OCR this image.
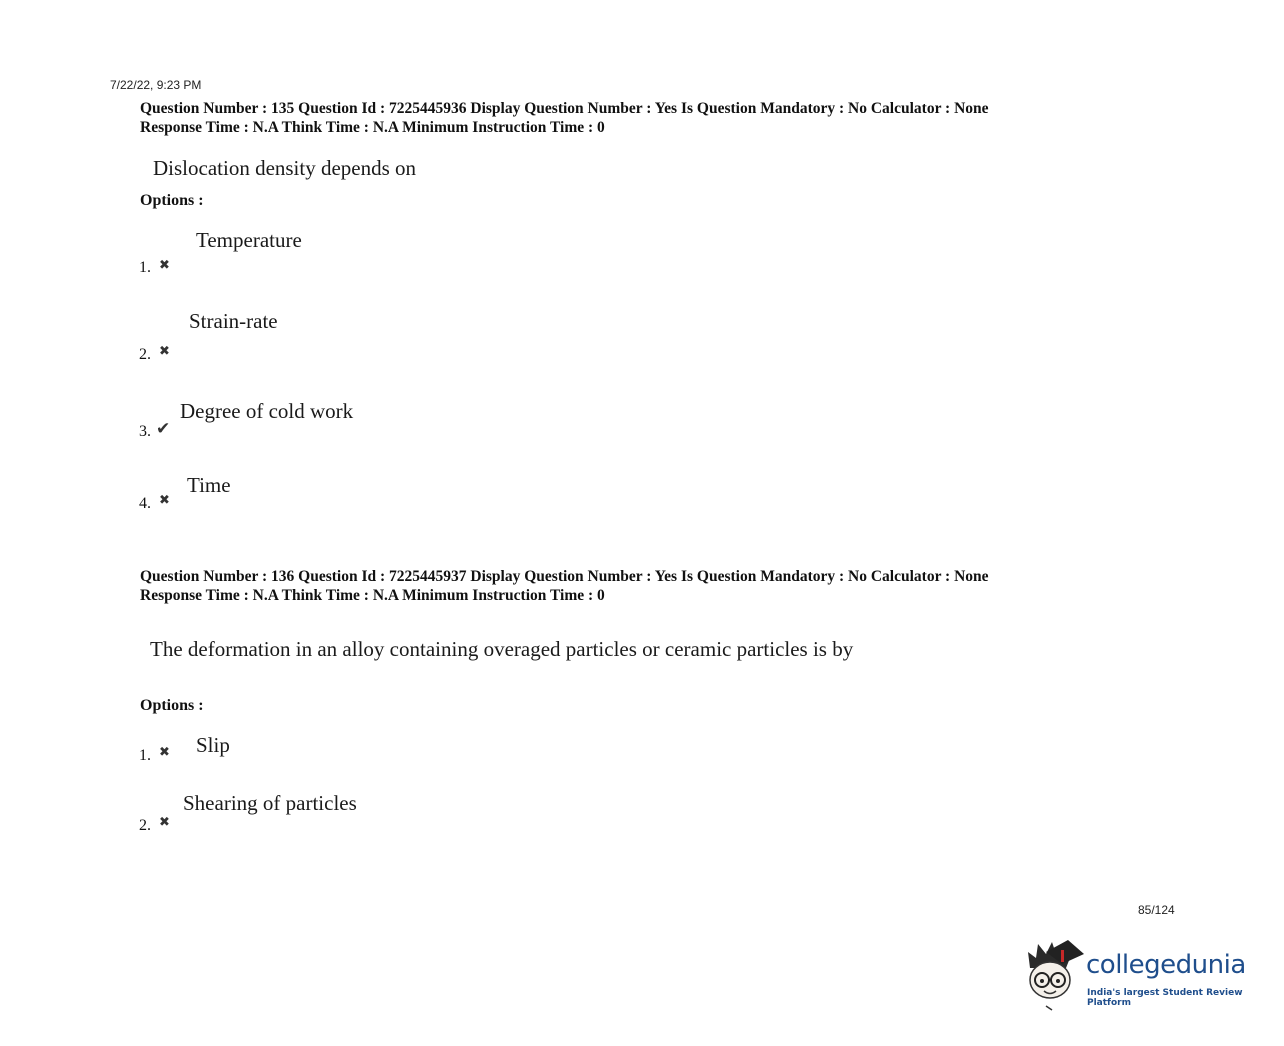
7/22/22, 9:23 PM
Question Number : 135 Question Id : 7225445936 Display Question Number : Yes Is Question Mandatory : No Calculator : None
Response Time : N.A Think Time : N.A Minimum Instruction Time : 0
Dislocation density depends on
Options :
Temperature
1. ✖
Strain-rate
2. ✖
Degree of cold work
3. ✔
Time
4. ✖
Question Number : 136 Question Id : 7225445937 Display Question Number : Yes Is Question Mandatory : No Calculator : None
Response Time : N.A Think Time : N.A Minimum Instruction Time : 0
The deformation in an alloy containing overaged particles or ceramic particles is by
Options :
1. ✖ Slip
Shearing of particles
2. ✖
85/124
collegedunia
India's largest Student Review Platform
